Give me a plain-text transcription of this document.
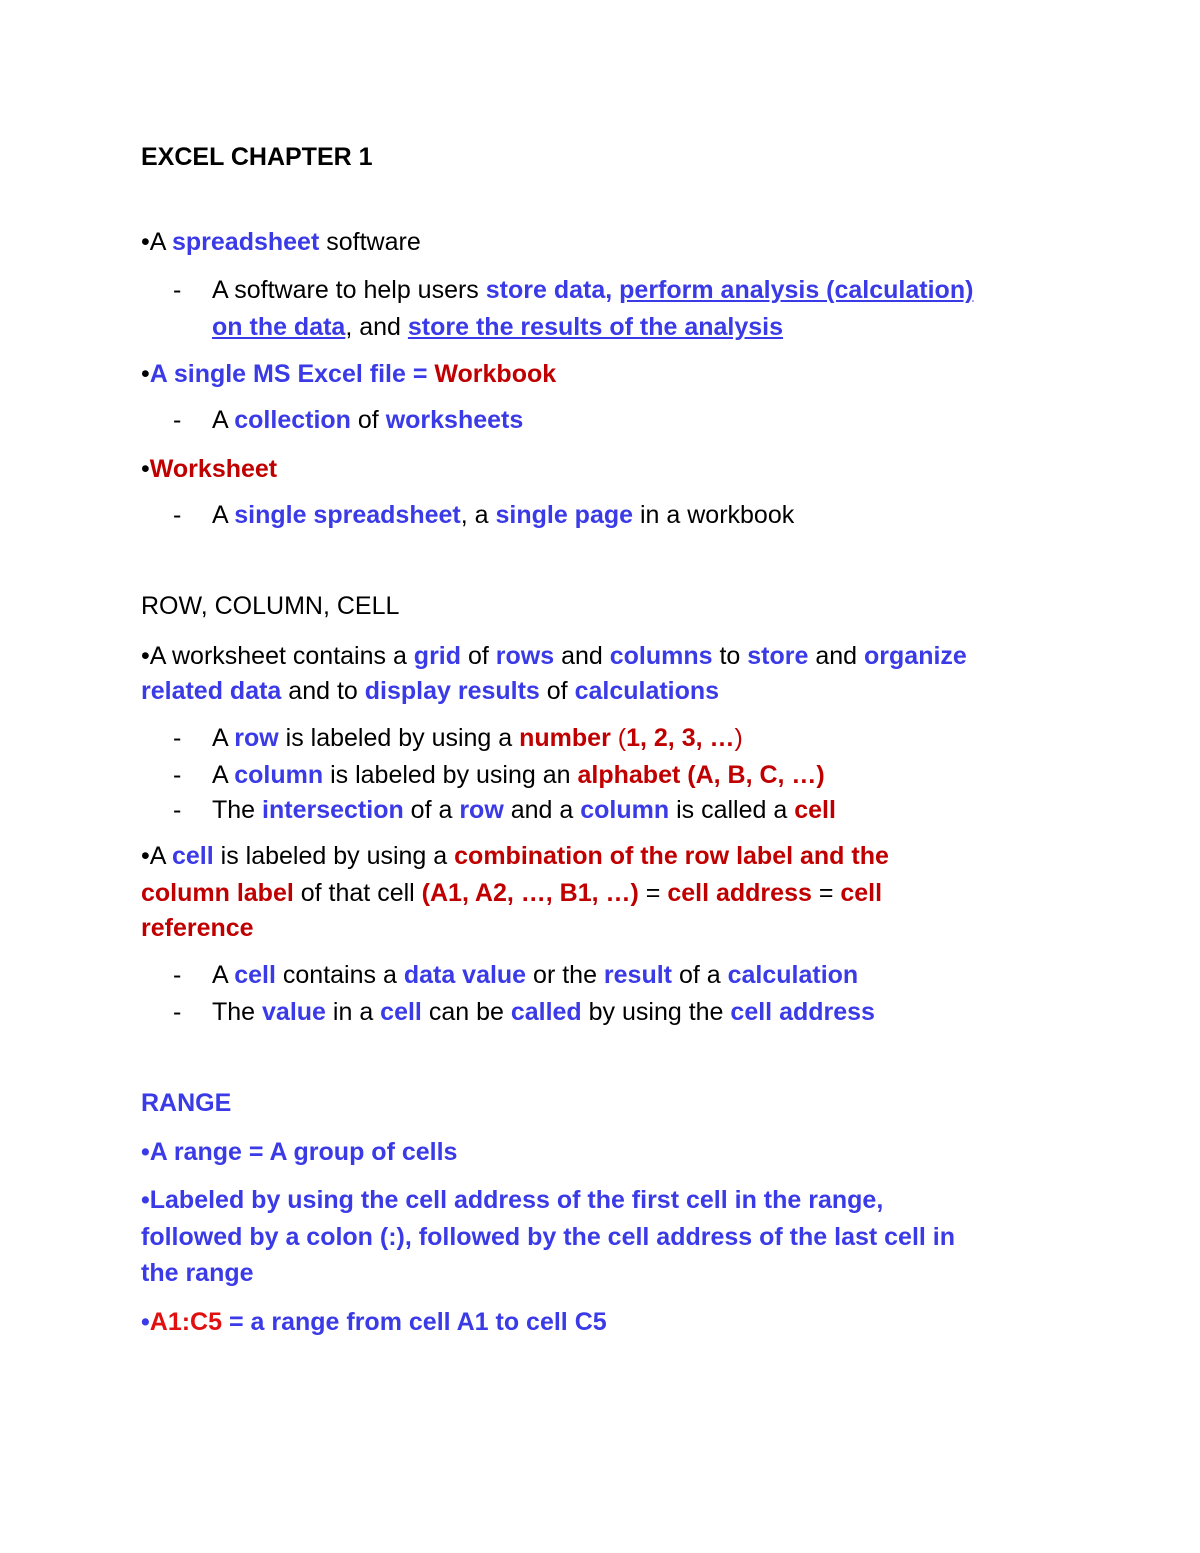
EXCEL CHAPTER 1
•A spreadsheet software
- A software to help users store data, perform analysis (calculation)
on the data, and store the results of the analysis
•A single MS Excel file = Workbook
- A collection of worksheets
•Worksheet
- A single spreadsheet, a single page in a workbook
ROW, COLUMN, CELL
•A worksheet contains a grid of rows and columns to store and organize
related data and to display results of calculations
- A row is labeled by using a number (1, 2, 3, …)
- A column is labeled by using an alphabet (A, B, C, …)
- The intersection of a row and a column is called a cell
•A cell is labeled by using a combination of the row label and the
column label of that cell (A1, A2, …, B1, …) = cell address = cell
reference
- A cell contains a data value or the result of a calculation
- The value in a cell can be called by using the cell address
RANGE
•A range = A group of cells
•Labeled by using the cell address of the first cell in the range,
followed by a colon (:), followed by the cell address of the last cell in
the range
•A1:C5 = a range from cell A1 to cell C5
